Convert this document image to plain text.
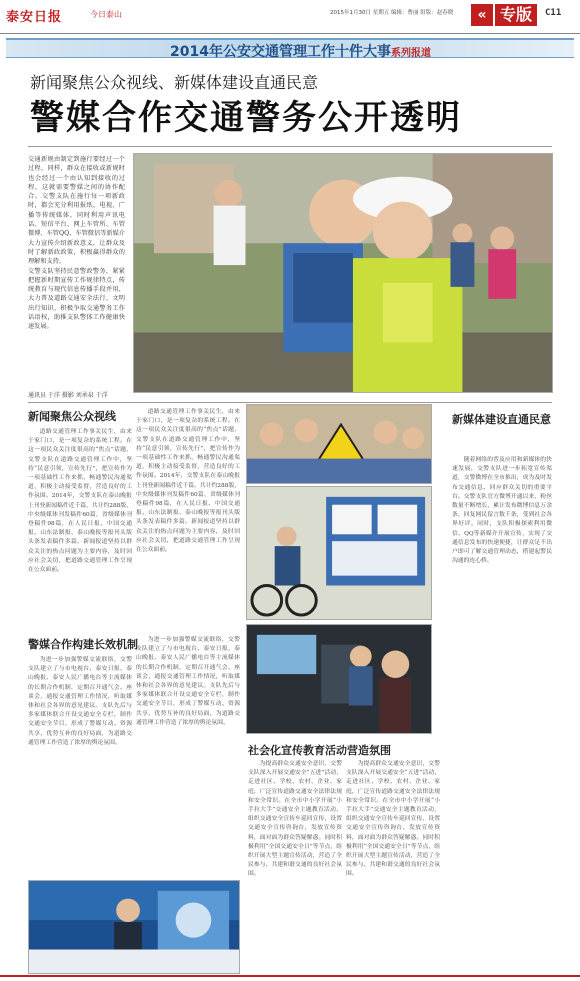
泰安日报	今日泰山	2015年1月30日 星期五 编辑：曹丽 组版：赵春晓	« 专版	C11
2014年公安交通管理工作十件大事系列报道
新闻聚焦公众视线、新媒体建设直通民意
警媒合作交通警务公开透明
交通新规由制定到施行要经过一个过程，同样，群众在接收或新规时也会经过一个由认知到接收的过程，这就需要警媒之间的协作配合。交警支队在施行每一项新政时，都会充分利用报纸、电视、广播等传统媒体，同时利用声讯电话、短信平台、网上车管所、车管微博、车管QQ、车管微信等新媒介大力宣传介绍新政意义，让群众及时了解新政政策，积极赢得群众的理解和支持。
交警支队坚持民意警政警务，紧紧把握新时期宣传工作规律特点，传统教育与现代信息传播手段并用，大力普及道路交通安全法行、文明出行知识，积极争取交通警务工作话语权，助推支队警体工作健康快速发展。
通讯员 于洋 摄影 刘承泉 于洋
新闻聚焦公众视线

道路交通管理工作事关民生，由来于家门口，是一项复杂的系统工程。在这一项民众关注度很高的“焦点”话题，交警支队在道路交通管理工作中，坚持“民意引领，宣传先行”，把宣传作为一项基础性工作来抓，畅通警民沟通渠道，积极主动接受监督，营造良好的工作氛围。2014年，交警支队在泰山晚报上刊登新闻稿件近千篇，共计约288版，中央级媒体刊发稿件60篇，省级媒体刊登稿件98篇，在人民日报、中国交通报、山东法制报、泰山晚报等报刊头版头条发表稿件多篇。新闻报道坚持以群众关注的热点问题为主要内容，及时回应社会关切，把道路交通管理工作呈现在公众面前。

道路交通管理工作事关民生，由来于家门口，是一项复杂的系统工程。在这一项民众关注度很高的“焦点”话题，交警支队在道路交通管理工作中，坚持“民意引领，宣传先行”，把宣传作为一项基础性工作来抓，畅通警民沟通渠道，积极主动接受监督，营造良好的工作氛围。2014年，交警支队在泰山晚报上刊登新闻稿件近千篇，共计约288版，中央级媒体刊发稿件60篇，省级媒体刊登稿件98篇，在人民日报、中国交通报、山东法制报、泰山晚报等报刊头版头条发表稿件多篇。新闻报道坚持以群众关注的热点问题为主要内容，及时回应社会关切，把道路交通管理工作呈现在公众面前。

新媒体建设直通民意

随着网络的普及应用和新媒体的快速发展，交警支队进一步拓宽宣传渠道，交警微博在全市推出，成为及时发布交通信息、回应群众关切的重要平台。交警支队官方微博开通以来，粉丝数量不断增长，累计发布微博信息万余条，回复网民留言数千条，受到社会各界好评。同时，支队积极探索利用微信、QQ等新媒介开展宣传，实现了交通信息发布的快速便捷，让群众足不出户即可了解交通管理动态，搭建起警民沟通的连心桥。

警媒合作构建长效机制

为进一步加强警媒交流联络，交警支队建立了与市电视台、泰安日报、泰山晚报、泰安人民广播电台等主流媒体的长期合作机制，定期召开通气会、座谈会，通报交通管理工作情况，听取媒体和社会各界的意见建议。支队先后与多家媒体联合开设交通安全专栏，制作交通安全节目，形成了警媒互动、资源共享、优势互补的良好局面，为道路交通管理工作营造了浓厚的舆论氛围。

为进一步加强警媒交流联络，交警支队建立了与市电视台、泰安日报、泰山晚报、泰安人民广播电台等主流媒体的长期合作机制，定期召开通气会、座谈会，通报交通管理工作情况，听取媒体和社会各界的意见建议。支队先后与多家媒体联合开设交通安全专栏，制作交通安全节目，形成了警媒互动、资源共享、优势互补的良好局面，为道路交通管理工作营造了浓厚的舆论氛围。

社会化宣传教育活动营造氛围

为提高群众交通安全意识，交警支队深入开展交通安全“五进”活动，走进社区、学校、农村、企业、家庭，广泛宣传道路交通安全法律法规和安全常识。在全市中小学开展“小手拉大手”交通安全主题教育活动，组织交通安全宣传车巡回宣传，设置交通安全宣传咨询台，发放宣传资料，面对面为群众答疑解惑。同时积极利用“全国交通安全日”等节点，组织开展大型主题宣传活动，营造了全民参与、共建和谐交通的良好社会氛围。

为提高群众交通安全意识，交警支队深入开展交通安全“五进”活动，走进社区、学校、农村、企业、家庭，广泛宣传道路交通安全法律法规和安全常识。在全市中小学开展“小手拉大手”交通安全主题教育活动，组织交通安全宣传车巡回宣传，设置交通安全宣传咨询台，发放宣传资料，面对面为群众答疑解惑。同时积极利用“全国交通安全日”等节点，组织开展大型主题宣传活动，营造了全民参与、共建和谐交通的良好社会氛围。
